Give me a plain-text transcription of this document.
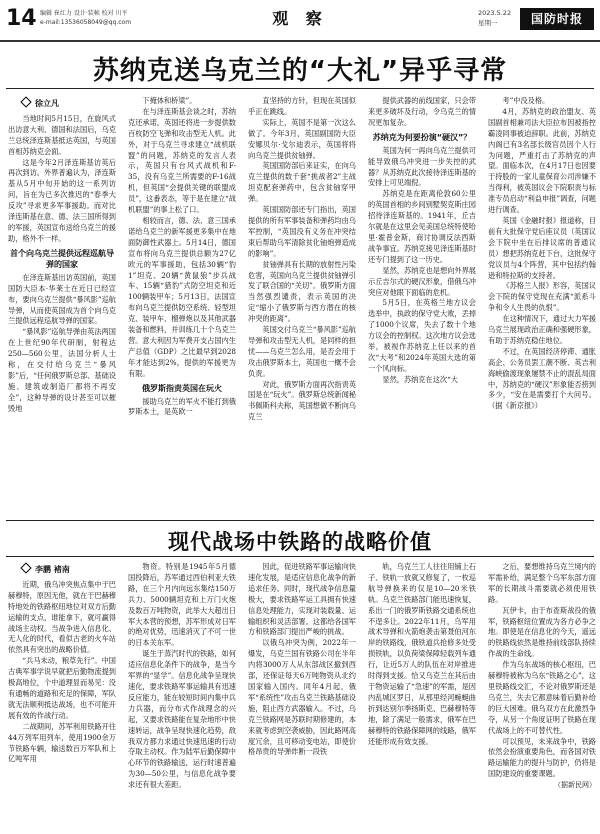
14 编辑 崔红力 设计·装帧 校对 川平
e-mail:13536058049@qq.com	观 察	2023.5.22
星期一	国防时报
苏纳克送乌克兰的“大礼”异乎寻常
徐立凡

当地时间5月15日，在旋风式出访意大利、德国和法国后，乌克兰总统泽连斯基抵达英国，与英国首相苏纳克会面。

这是今年2月泽连斯基访英后再次到访。外界普遍认为，泽连斯基从5月中旬开始的这一系列访问，旨在为已多次推迟的“春季大反攻”寻求更多军事援助。而对比泽连斯基在意、德、法三国所得到的军援，英国宣布送给乌克兰的援助，格外不一样。

首个向乌克兰提供远程巡航导弹的国家

在泽连斯基出访英国前，英国国防大臣本·华莱士在近日已经宣布，要向乌克兰提供“暴风影”巡航导弹，从而使英国成为首个向乌克兰提供远程巡航导弹的国家。

“暴风影”巡航导弹由英法两国在上世纪90年代研制，射程达250—560公里，法国分析人士称，在交付给乌克兰“暴风影”后，“任何俄罗斯总部、基础设施、建筑或制造厂都将不再安全”，这种导弹的设计甚至可以摧毁地

下掩体和桥梁”。

在与泽连斯基会谈之时，苏纳克还承诺，英国还将进一步提供数百枚防空飞弹和攻击型无人机。此外，对于乌克兰寻求建立“战机联盟”的问题，苏纳克的发言人表示，英国只有台风式战机和F-35，没有乌克兰所需要的F-16战机，但英国“会提供关键的联盟成员”，这番表态，等于是在建立“战机联盟”的事上松了口。

相较而言，德、法、意三国承诺给乌克兰的新军援更多集中在地面防御性武器上。5月14日，德国宣布将向乌克兰提供总额为27亿欧元的军事援助，包括30辆“豹1”坦克、20辆“黄鼠狼”步兵战车、15辆“猎豹”式防空坦克和近100辆装甲车；5月13日，法国宣布向乌克兰提供防空系统、轻型坦克、装甲车、榴弹炮以及其他武器装备和燃料，并训练几十个乌克兰营。意大利因为军费开支占国内生产总值（GDP）之比最早到2028年才能达到2%，提供的军援更为有限。

俄罗斯指责英国在玩火

援助乌克兰的军火不能打到俄罗斯本土，是英欧一

直坚持的方针，但现在英国似乎正在跳线。

实际上，英国不是第一次这么做了。今年3月，英国副国防大臣安娜贝尔·戈尔迪表示，英国将将向乌克兰提供贫铀弹。

英国国防部后来证实，在向乌克兰提供的数千套“挑战者2”主战坦克配套弹药中，包含贫铀穿甲弹。

英国国防部还专门指出，英国提供的所有军事装备和弹药均由乌军控制，“英国没有义务在冲突结束后帮助乌军清除贫化铀炮弹造成的影响”。

贫铀弹具有长期的放射性污染危害，英国向乌克兰提供贫铀弹引发了联合国的“关切”。俄罗斯方面当然强烈谴责，表示英国的决定“缩小了俄罗斯与西方潜在的核冲突的距离”。

英国交付乌克兰“暴风影”巡航导弹和攻击型无人机，是同样的担忧——乌克兰怎么用，是否会用于攻击俄罗斯本土，英国也一概不会负责。

对此，俄罗斯方面再次指责英国是在“玩火”。俄罗斯总统新闻秘书佩斯科夫称，英国想做不断向乌克兰

提供武器的前线国家，只会带来更多破坏及行动，令乌克兰的情况更加复杂。

苏纳克为何要扮演“硬汉”？

英国为何一再向乌克兰提供可能导致俄乌冲突进一步失控的武器？从苏纳克此次接待泽连斯基的安排上可见端倪。

苏纳克是在距离伦敦60公里的英国首相的乡间别墅契克斯庄园招待泽连斯基的。1941年，丘吉尔就是在这里会见美国总统特使哈里·霍普金斯，商讨协调反法西斯战争事宜。苏纳克接见泽连斯基时还专门提到了这一历史。

显然，苏纳克也是想向外界展示丘吉尔式的硬汉形象，借俄乌冲突应对他眼下面临的危机。

5月5日，在英格兰地方议会选举中，执政的保守党大败，丢掉了1000个议席，失去了数十个地方议会的控制权。这次地方议会选举，被视作苏纳克上任以来的首次“大考”和2024年英国大选的第一个风向标。

显然，苏纳克在这次“大

考”中没及格。

4月，苏纳克的政治盟友、英国副首相兼司法大臣拉布因被指控霸凌同事被迫辞职。此前，苏纳克内阁已有3名部长级官员因个人行为问题，严重打击了苏纳克的声望。面临本次，在4月17日也因要于持股的一家儿童保育公司涉嫌不当得利，被英国议会下院职责与标准专员启动“利益申报”调查，问题进行调查。

英国《金融时报》报道称，目前有大批保守党后座议员（英国议会下院中坐在后排议席的普通议员）想把苏纳克赶下台，这批保守党议员与4个阵营，其中包括约翰逊和特拉斯的支持者。

《苏格兰人报》形容，英国议会下院的保守党现在充满“派系斗争和令人生畏的仇恨”。

在这种情况下，通过大力军援乌克兰展现政治正确和强硬形象，有助于苏纳克稳住地位。

不过，在英国经济停滞、通胀高企、公务员罢工潮不断、英吉利海峡偷渡现象屡禁不止的混乱局面中，苏纳克的“硬汉”形象能否捞到多少，“安在是需要打个大问号。（据《新京报》）

现代战场中铁路的战略价值
李鹏 褚南

近期，俄乌冲突焦点集中于巴赫穆特，原因无他，就在于巴赫穆特地处的铁路枢纽地位对双方后勤运输的支点，谁能拿下，就可赢得战场主动权。当战争进入信息化、无人化的时代，看似古老的火车站依然具有突出的战略价值。

“兵马未动，粮草先行”。中国古典军事学说早就把后勤物流提到极高地位，个中道理显而易见：没有通畅的道路和充足的保障，军队就无法顺利抵达战场，也不可能开展有效的作战行动。

二战期间，苏军利用铁路开往44万列军用列车，使用1900余万节铁路车辆，输送数百万军队和上亿吨军用

物资。特别是1945年5月德国投降后，苏军通过西伯利亚大铁路，在三个月内向远东集结150万兵力、5000辆坦克和上万门火炮及数百万吨物资，此举大大超出日军大本营的预想，苏军形成对日军的绝对优势，迅速消灭了不可一世的日本关东军。

诞生于蒸汽时代的铁路，如何适应信息化条件下的战争，是当今军界的“显学”。信息化战争呈现快速化，要求铁路军事运输具有迅速反应能力，能在较短时间内集中兵力兵器，而分布式作战理念的兴起，又要求铁路能在复杂地形中快速转运，战争呈现快速化趋势，敌我双方都力求通过快速迅速的行动夺取主动权。作为陆军后勤保障中心环节的铁路输送，运行时速普遍为30—50公里，与信息化战争要求还有很大差距。

因此，促进铁路军事运输向快速化发展，是适应信息化战争的新追求任务。同时，现代战争信息量极大，要求铁路军运工具拥有快速信息处理能力，实现对装载量、运输组织和灵活部署。这都给各国军方和铁路部门提出严峻的挑战。

以俄乌冲突为例，2022年一爆发，乌克兰国有铁路公司在半年内将3000万人从东部战区撤到西部，还保证每天6万吨物资从北约国家输入国内。同年4月起，俄军“系统性”攻击乌克兰铁路基础设施，阻止西方武器输入。不过，乌克兰铁路网是苏联时期修建的，本来就考虑到空袭威胁，因此路网高度冗余，且可移动变电站，即使价格昂贵的导弹炸断一段铁

轨，乌克兰工人往往用铺上石子、铁轨一放就又修复了，一枚巡航导弹换来的仅是10—20米铁轨。乌克兰铁路部门能迅速恢复，系出一门的俄罗斯铁路交通系统也不逞多让。2022年11月，乌军用战术导弹和火箭炮袭击第聂伯河东岸的铁路线，俄铁道兵抢修多处受损铁轨，以负荷梁保障轻载列车通行，让近5万人的队伍在对岸推进时得到支援。恰又乌克兰在其后由于物资运输了“急速”的军需，是因内乱城区罗日，从那里经河蜿蜒曲折到达别尔季扬斯克、巴赫穆特等地，除了满足一般需求，俄军在巴赫穆特的铁路保障网的线路，俄军还能形成有效支援。

之后，要想维持乌克兰境内的军需补给，满足整个乌军东部方面军的长期战斗需要就必须使用铁路。

瓦伊卡，由于布查斯战役的俄军，铁路枢纽位置成为各方必争之地。即使是在信息化的今天，遥远的铁路线依然是维持前线部队持续作战的生命线。

作为乌东战场的核心枢纽，巴赫穆特被称为乌东“铁路之心”，这里铁路线交汇，不论对俄罗斯还是乌克兰，失去它都意味着后勤补给的巨大困难。俄乌双方在此激烈争夺，从另一个角度证明了铁路在现代战场上的不可替代性。

可以预见，未来战争中，铁路依然会扮演重要角色，而各国对铁路运输能力的提升与防护，仍将是国防建设的重要课题。

（据新民网）
